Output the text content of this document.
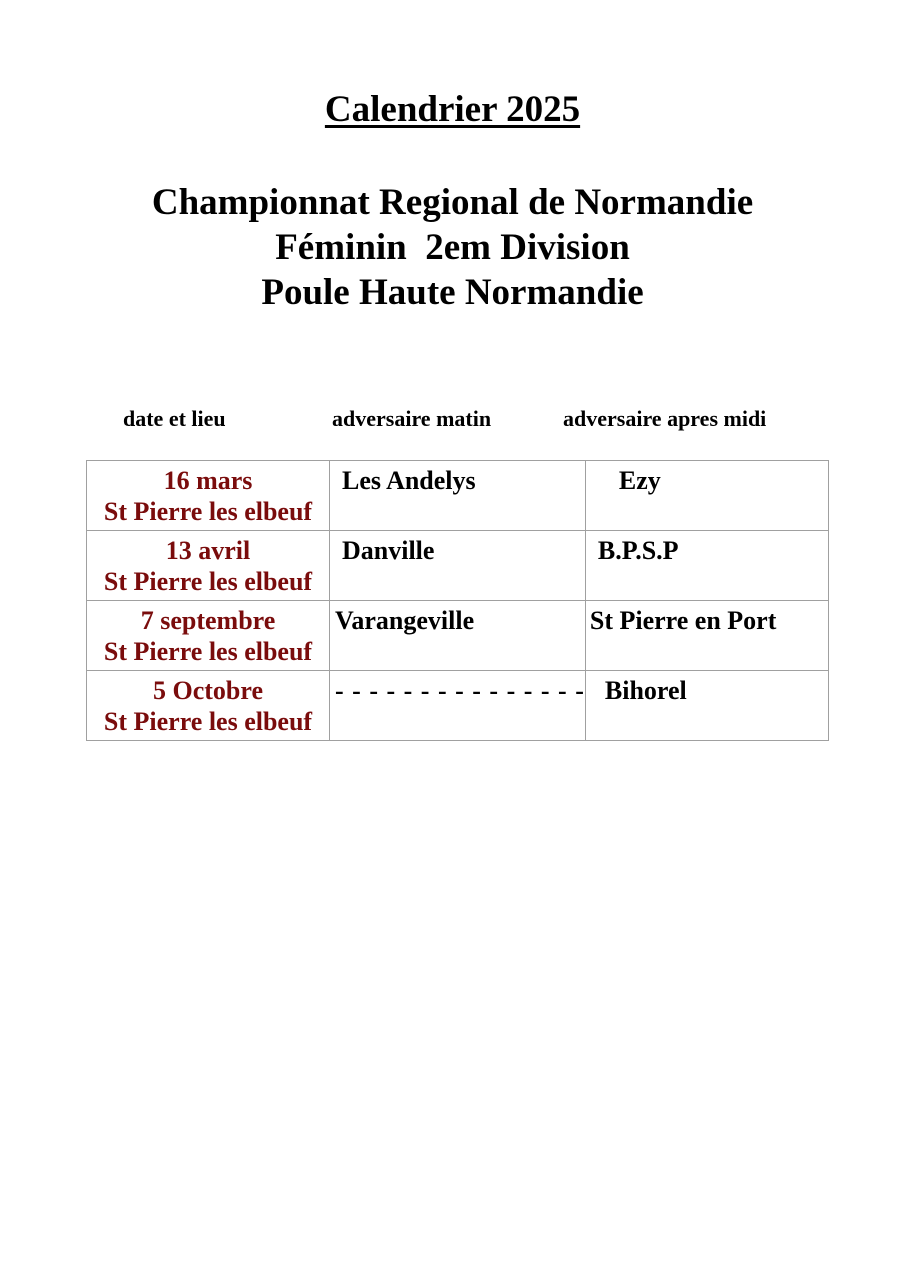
Calendrier 2025
Championnat Regional de Normandie
Féminin  2em Division
Poule Haute Normandie
date et lieu	adversaire matin	adversaire apres midi
16 mars
St Pierre les elbeuf	Les Andelys	Ezy

13 avril
St Pierre les elbeuf	Danville	B.P.S.P

7 septembre
St Pierre les elbeuf	Varangeville	St Pierre en Port

5 Octobre
St Pierre les elbeuf	- - - - - - - - - - - - - - -	Bihorel
